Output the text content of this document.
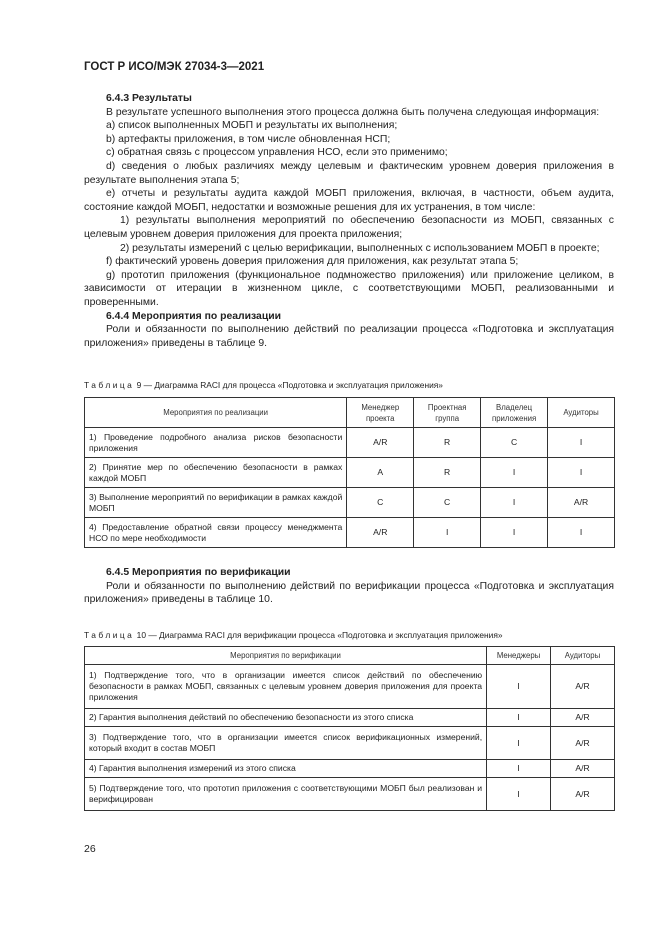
ГОСТ Р ИСО/МЭК 27034-3—2021

6.4.3 Результаты

В результате успешного выполнения этого процесса должна быть получена следующая информация:

a) список выполненных МОБП и результаты их выполнения;

b) артефакты приложения, в том числе обновленная НСП;

c) обратная связь с процессом управления НСО, если это применимо;

d) сведения о любых различиях между целевым и фактическим уровнем доверия приложения в результате выполнения этапа 5;

e) отчеты и результаты аудита каждой МОБП приложения, включая, в частности, объем аудита, состояние каждой МОБП, недостатки и возможные решения для их устранения, в том числе:

1) результаты выполнения мероприятий по обеспечению безопасности из МОБП, связанных с целевым уровнем доверия приложения для проекта приложения;

2) результаты измерений с целью верификации, выполненных с использованием МОБП в проекте;

f) фактический уровень доверия приложения для приложения, как результат этапа 5;

g) прототип приложения (функциональное подмножество приложения) или приложение целиком, в зависимости от итерации в жизненном цикле, с соответствующими МОБП, реализованными и проверенными.

6.4.4 Мероприятия по реализации

Роли и обязанности по выполнению действий по реализации процесса «Подготовка и эксплуатация приложения» приведены в таблице 9.

Таблица 9 — Диаграмма RACI для процесса «Подготовка и эксплуатация приложения»
Мероприятия по реализации	Менеджер проекта	Проектная группа	Владелец приложения	Аудиторы
1) Проведение подробного анализа рисков безопасности приложения	A/R	R	C	I
2) Принятие мер по обеспечению безопасности в рамках каждой МОБП	A	R	I	I
3) Выполнение мероприятий по верификации в рамках каждой МОБП	C	C	I	A/R
4) Предоставление обратной связи процессу менеджмента НСО по мере необходимости	A/R	I	I	I

6.4.5 Мероприятия по верификации

Роли и обязанности по выполнению действий по верификации процесса «Подготовка и эксплуатация приложения» приведены в таблице 10.

Таблица 10 — Диаграмма RACI для верификации процесса «Подготовка и эксплуатация приложения»
Мероприятия по верификации	Менеджеры	Аудиторы
1) Подтверждение того, что в организации имеется список действий по обеспечению безопасности в рамках МОБП, связанных с целевым уровнем доверия приложения для проекта приложения	I	A/R
2) Гарантия выполнения действий по обеспечению безопасности из этого списка	I	A/R
3) Подтверждение того, что в организации имеется список верификационных измерений, который входит в состав МОБП	I	A/R
4) Гарантия выполнения измерений из этого списка	I	A/R
5) Подтверждение того, что прототип приложения с соответствующими МОБП был реализован и верифицирован	I	A/R
26
